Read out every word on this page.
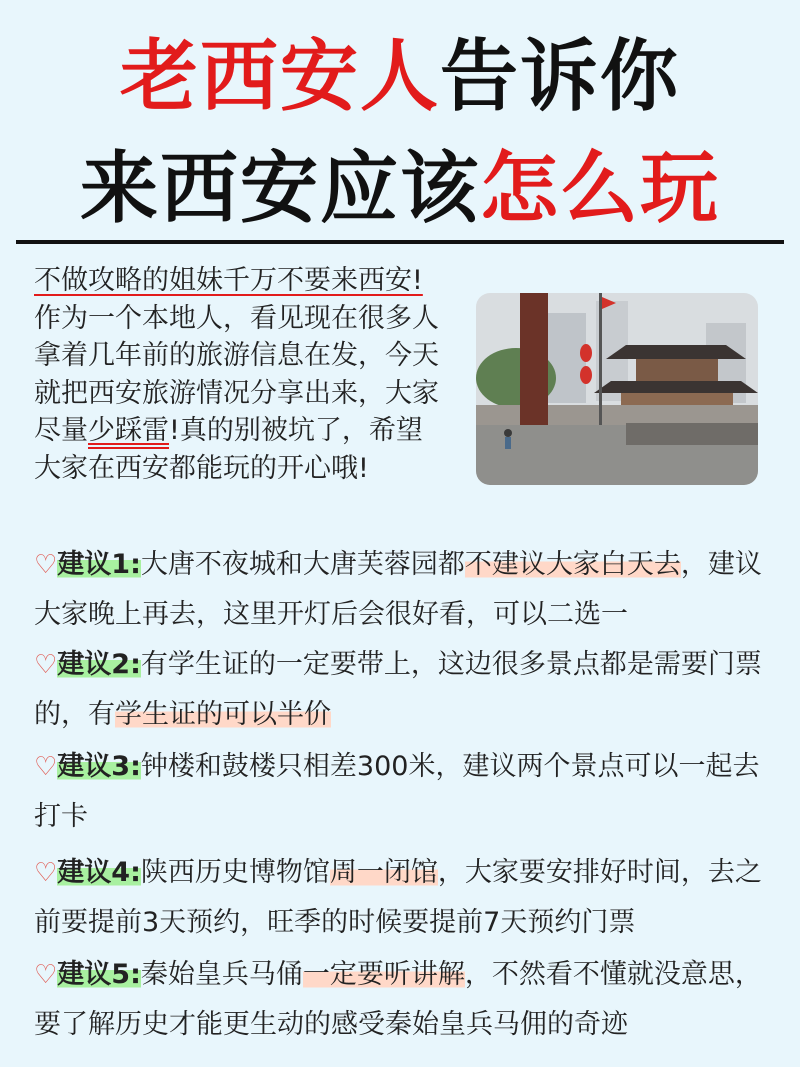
老西安人告诉你
来西安应该怎么玩
不做攻略的姐妹千万不要来西安!
作为一个本地人，看见现在很多人
拿着几年前的旅游信息在发，今天
就把西安旅游情况分享出来，大家
尽量少踩雷!真的别被坑了，希望
大家在西安都能玩的开心哦!
♡建议1:大唐不夜城和大唐芙蓉园都不建议大家白天去，建议大家晚上再去，这里开灯后会很好看，可以二选一
♡建议2:有学生证的一定要带上，这边很多景点都是需要门票的，有学生证的可以半价
♡建议3:钟楼和鼓楼只相差300米，建议两个景点可以一起去打卡
♡建议4:陕西历史博物馆周一闭馆，大家要安排好时间，去之前要提前3天预约，旺季的时候要提前7天预约门票
♡建议5:秦始皇兵马俑一定要听讲解，不然看不懂就没意思，要了解历史才能更生动的感受秦始皇兵马佣的奇迹
